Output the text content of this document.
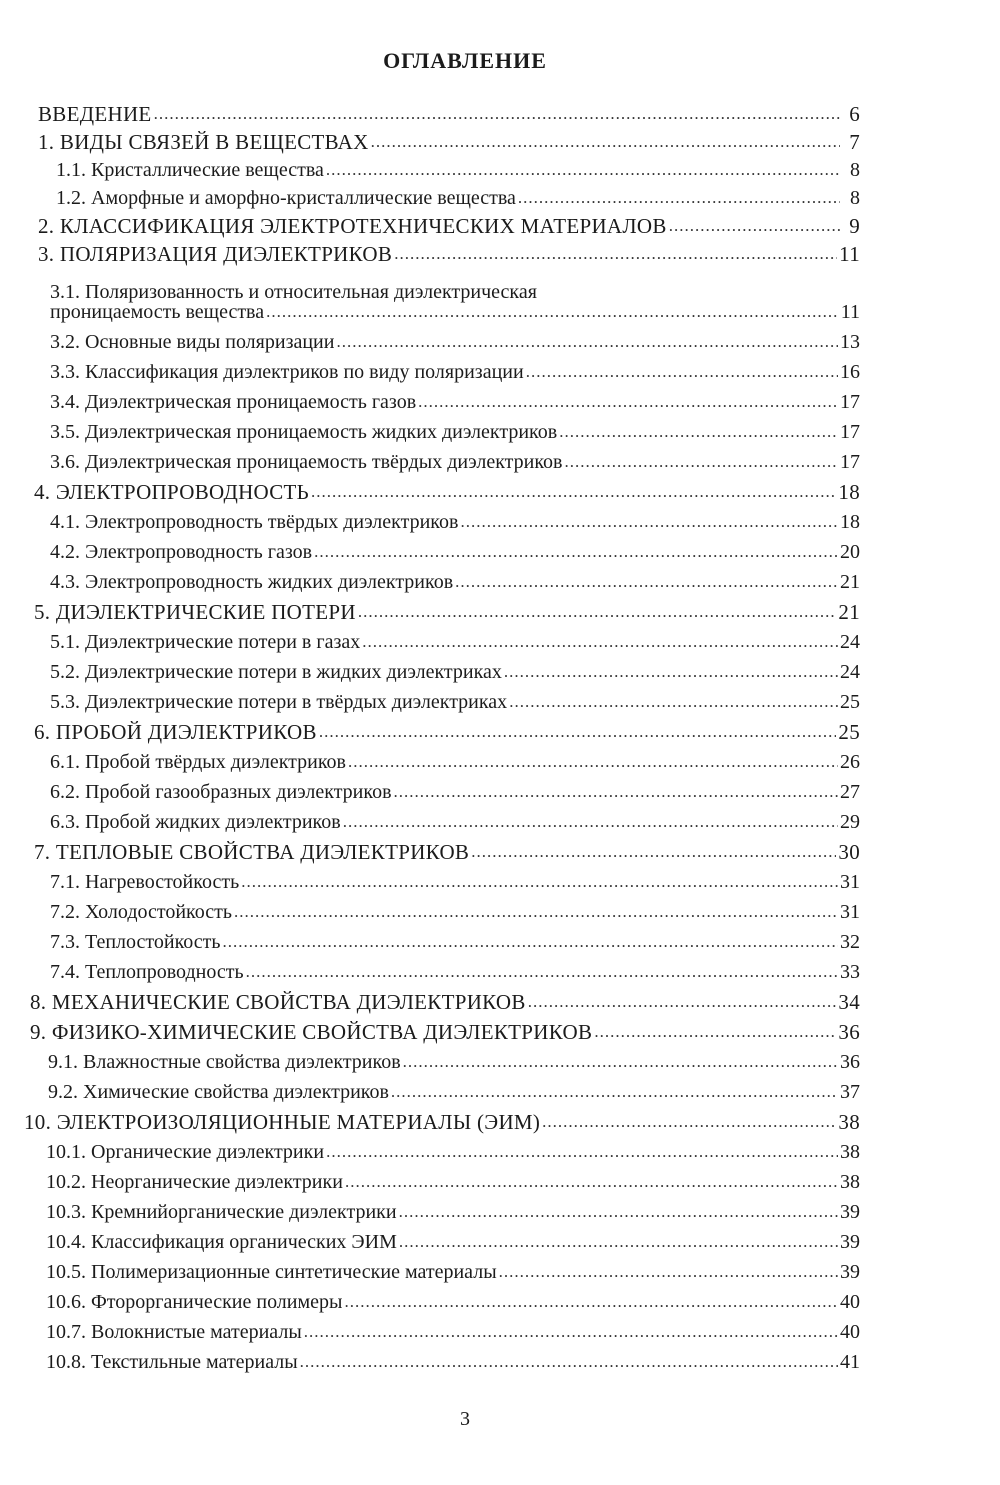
ОГЛАВЛЕНИЕ
ВВЕДЕНИЕ .....	6
1. ВИДЫ СВЯЗЕЙ В ВЕЩЕСТВАХ .....	7
1.1. Кристаллические вещества .....	8
1.2. Аморфные и аморфно-кристаллические вещества .....	8
2. КЛАССИФИКАЦИЯ ЭЛЕКТРОТЕХНИЧЕСКИХ МАТЕРИАЛОВ .....	9
3. ПОЛЯРИЗАЦИЯ ДИЭЛЕКТРИКОВ .....	11
3.1. Поляризованность и относительная диэлектрическая
проницаемость вещества .....	11
3.2. Основные виды поляризации .....	13
3.3. Классификация диэлектриков по виду поляризации .....	16
3.4. Диэлектрическая проницаемость газов .....	17
3.5. Диэлектрическая проницаемость жидких диэлектриков .....	17
3.6. Диэлектрическая проницаемость твёрдых диэлектриков .....	17
4. ЭЛЕКТРОПРОВОДНОСТЬ .....	18
4.1. Электропроводность твёрдых диэлектриков .....	18
4.2. Электропроводность газов .....	20
4.3. Электропроводность жидких диэлектриков .....	21
5. ДИЭЛЕКТРИЧЕСКИЕ ПОТЕРИ .....	21
5.1. Диэлектрические потери в газах .....	24
5.2. Диэлектрические потери в жидких диэлектриках .....	24
5.3. Диэлектрические потери в твёрдых диэлектриках .....	25
6. ПРОБОЙ ДИЭЛЕКТРИКОВ .....	25
6.1. Пробой твёрдых диэлектриков .....	26
6.2. Пробой газообразных диэлектриков .....	27
6.3. Пробой жидких диэлектриков .....	29
7. ТЕПЛОВЫЕ СВОЙСТВА ДИЭЛЕКТРИКОВ .....	30
7.1. Нагревостойкость .....	31
7.2. Холодостойкость .....	31
7.3. Теплостойкость .....	32
7.4. Теплопроводность .....	33
8. МЕХАНИЧЕСКИЕ СВОЙСТВА ДИЭЛЕКТРИКОВ .....	34
9. ФИЗИКО-ХИМИЧЕСКИЕ СВОЙСТВА ДИЭЛЕКТРИКОВ .....	36
9.1. Влажностные свойства диэлектриков .....	36
9.2. Химические свойства диэлектриков .....	37
10. ЭЛЕКТРОИЗОЛЯЦИОННЫЕ МАТЕРИАЛЫ (ЭИМ) .....	38
10.1. Органические диэлектрики .....	38
10.2. Неорганические диэлектрики .....	38
10.3. Кремнийорганические диэлектрики .....	39
10.4. Классификация органических ЭИМ .....	39
10.5. Полимеризационные синтетические материалы .....	39
10.6. Фторорганические полимеры .....	40
10.7. Волокнистые материалы .....	40
10.8. Текстильные материалы .....	41
3
